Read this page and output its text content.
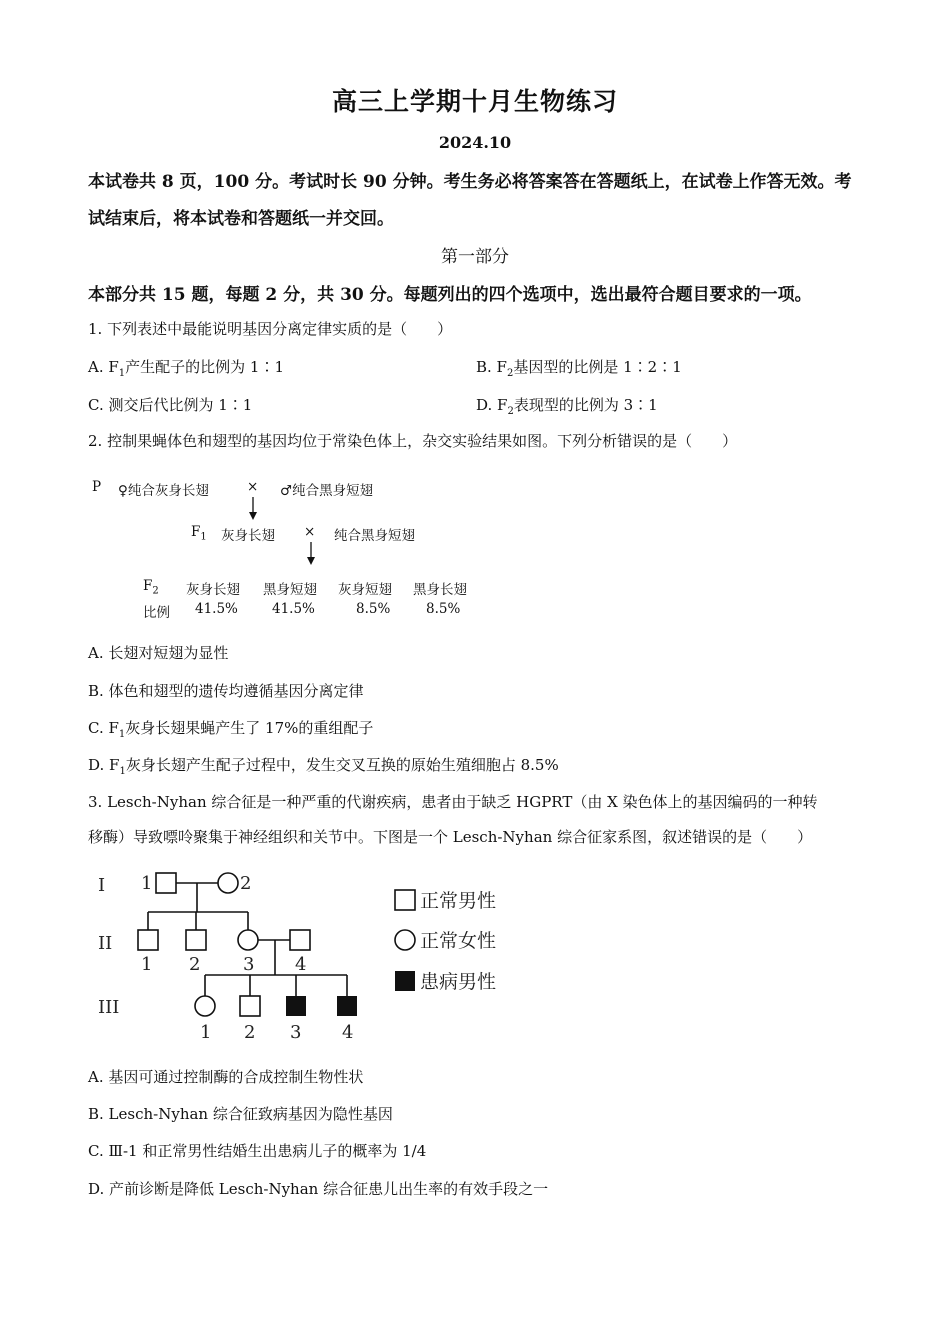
高三上学期十月生物练习
2024.10
本试卷共 8 页，100 分。考试时长 90 分钟。考生务必将答案答在答题纸上，在试卷上作答无效。考试结束后，将本试卷和答题纸一并交回。
第一部分
本部分共 15 题，每题 2 分，共 30 分。每题列出的四个选项中，选出最符合题目要求的一项。
1. 下列表述中最能说明基因分离定律实质的是（　　）
A. $F_1$产生配子的比例为 1∶1	B. $F_2$基因型的比例是 1∶2∶1
C. 测交后代比例为 1∶1	D. $F_2$表现型的比例为 3∶1
2. 控制果蝇体色和翅型的基因均位于常染色体上，杂交实验结果如图。下列分析错误的是（　　）
P ♀纯合灰身长翅	× ♂纯合黑身短翅
$F_1$ 灰身长翅 × 纯合黑身短翅
$F_2$ 灰身长翅 黑身短翅 灰身短翅 黑身长翅
比例 41.5%	41.5%	8.5%	8.5%
A. 长翅对短翅为显性
B. 体色和翅型的遗传均遵循基因分离定律
C. $F_1$灰身长翅果蝇产生了 17%的重组配子
D. $F_1$灰身长翅产生配子过程中，发生交叉互换的原始生殖细胞占 8.5%
3. Lesch-Nyhan 综合征是一种严重的代谢疾病，患者由于缺乏 HGPRT（由 X 染色体上的基因编码的一种转
移酶）导致嘌呤聚集于神经组织和关节中。下图是一个 Lesch-Nyhan 综合征家系图，叙述错误的是（　　）
I
II
III
1	2
1 2 3 4
1 2 3 4
正常男性
正常女性
患病男性
A. 基因可通过控制酶的合成控制生物性状
B. Lesch-Nyhan 综合征致病基因为隐性基因
C. Ⅲ-1 和正常男性结婚生出患病儿子的概率为 1/4
D. 产前诊断是降低 Lesch-Nyhan 综合征患儿出生率的有效手段之一
